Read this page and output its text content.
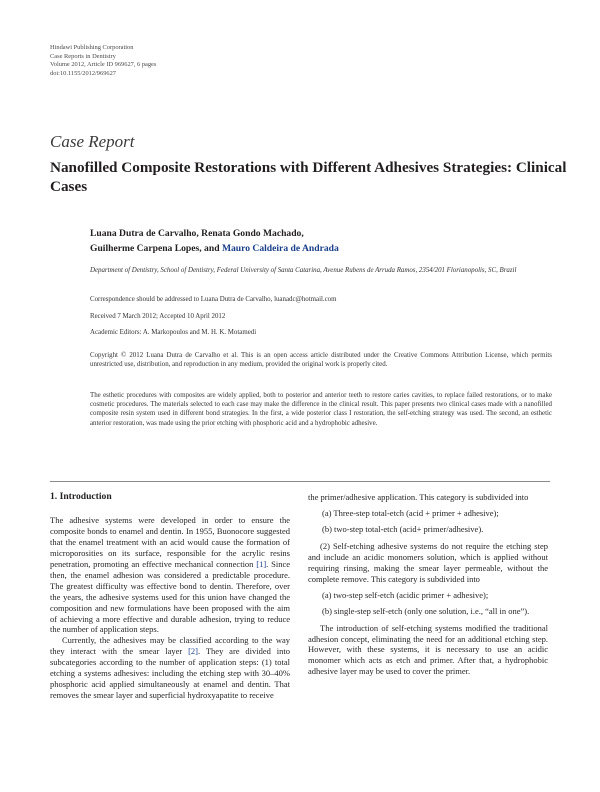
Hindawi Publishing Corporation
Case Reports in Dentistry
Volume 2012, Article ID 969627, 6 pages
doi:10.1155/2012/969627
Case Report
Nanofilled Composite Restorations with Different Adhesives Strategies: Clinical Cases
Luana Dutra de Carvalho, Renata Gondo Machado,
Guilherme Carpena Lopes, and Mauro Caldeira de Andrada
Department of Dentistry, School of Dentistry, Federal University of Santa Catarina, Avenue Rubens de Arruda Ramos, 2354/201 Florianopolis, SC, Brazil
Correspondence should be addressed to Luana Dutra de Carvalho, luanadc@hotmail.com
Received 7 March 2012; Accepted 10 April 2012
Academic Editors: A. Markopoulos and M. H. K. Motamedi
Copyright © 2012 Luana Dutra de Carvalho et al. This is an open access article distributed under the Creative Commons Attribution License, which permits unrestricted use, distribution, and reproduction in any medium, provided the original work is properly cited.
The esthetic procedures with composites are widely applied, both to posterior and anterior teeth to restore caries cavities, to replace failed restorations, or to make cosmetic procedures. The materials selected to each case may make the difference in the clinical result. This paper presents two clinical cases made with a nanofilled composite resin system used in different bond strategies. In the first, a wide posterior class I restoration, the self-etching strategy was used. The second, an esthetic anterior restoration, was made using the prior etching with phosphoric acid and a hydrophobic adhesive.

1. Introduction

The adhesive systems were developed in order to ensure the composite bonds to enamel and dentin. In 1955, Buonocore suggested that the enamel treatment with an acid would cause the formation of microporosities on its surface, responsible for the acrylic resins penetration, promoting an effective mechanical connection [1]. Since then, the enamel adhesion was considered a predictable procedure. The greatest difficulty was effective bond to dentin. Therefore, over the years, the adhesive systems used for this union have changed the composition and new formulations have been proposed with the aim of achieving a more effective and durable adhesion, trying to reduce the number of application steps.

Currently, the adhesives may be classified according to the way they interact with the smear layer [2]. They are divided into subcategories according to the number of application steps: (1) total etching a systems adhesives: including the etching step with 30–40% phosphoric acid applied simultaneously at enamel and dentin. That removes the smear layer and superficial hydroxyapatite to receive

the primer/adhesive application. This category is subdivided into

(a) Three-step total-etch (acid + primer + adhesive);

(b) two-step total-etch (acid+ primer/adhesive).

(2) Self-etching adhesive systems do not require the etching step and include an acidic monomers solution, which is applied without requiring rinsing, making the smear layer permeable, without the complete remove. This category is subdivided into

(a) two-step self-etch (acidic primer + adhesive);

(b) single-step self-etch (only one solution, i.e., “all in one”).

The introduction of self-etching systems modified the traditional adhesion concept, eliminating the need for an additional etching step. However, with these systems, it is necessary to use an acidic monomer which acts as etch and primer. After that, a hydrophobic adhesive layer may be used to cover the primer.
